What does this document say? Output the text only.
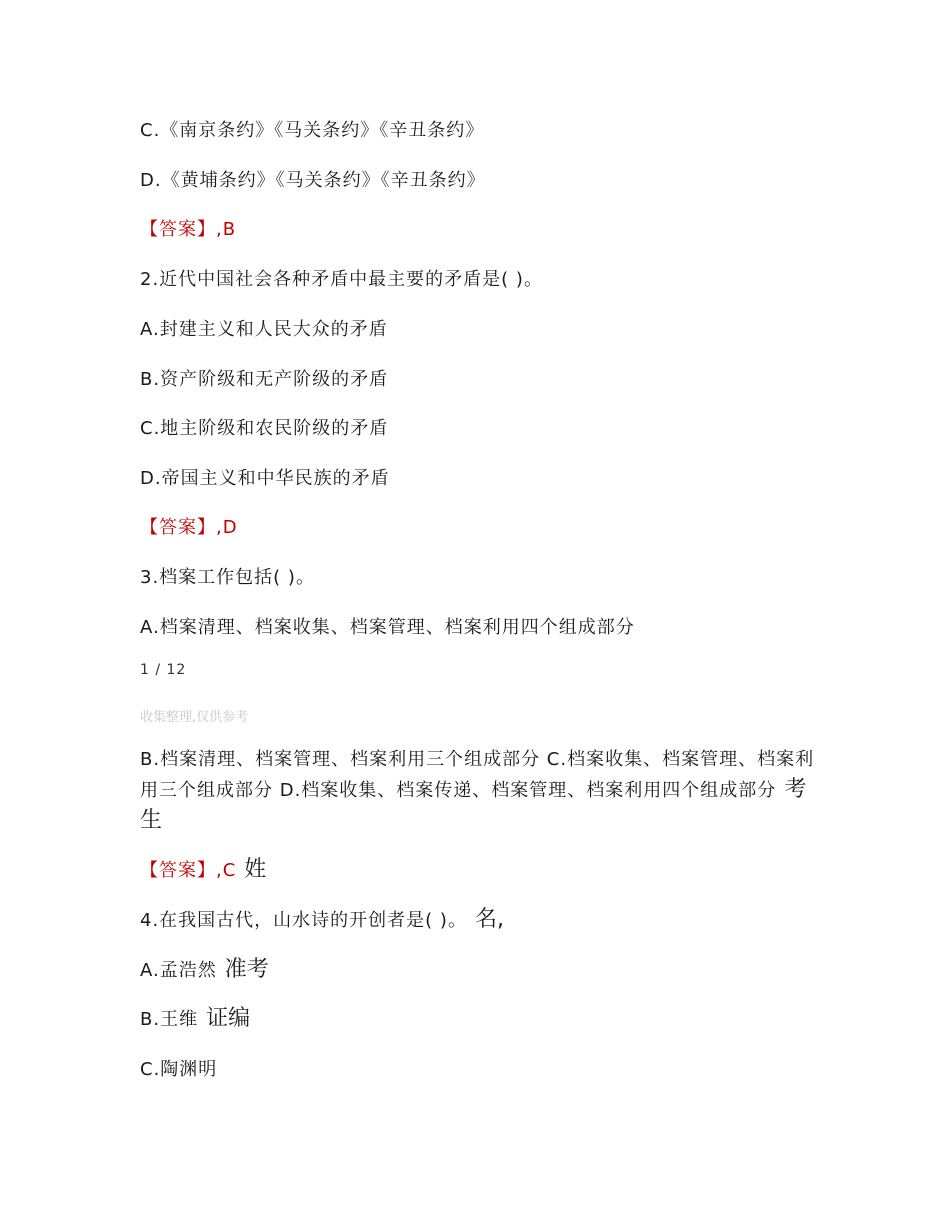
C.《南京条约》《马关条约》《辛丑条约》
D.《黄埔条约》《马关条约》《辛丑条约》
【答案】,B
2.近代中国社会各种矛盾中最主要的矛盾是( )。
A.封建主义和人民大众的矛盾
B.资产阶级和无产阶级的矛盾
C.地主阶级和农民阶级的矛盾
D.帝国主义和中华民族的矛盾
【答案】,D
3.档案工作包括( )。
A.档案清理、档案收集、档案管理、档案利用四个组成部分
1 / 12
收集整理,仅供参考
B.档案清理、档案管理、档案利用三个组成部分 C.档案收集、档案管理、档案利用三个组成部分 D.档案收集、档案传递、档案管理、档案利用四个组成部分 考生
【答案】,C 姓
4.在我国古代，山水诗的开创者是( )。 名,
A.孟浩然 准考
B.王维 证编
C.陶渊明
